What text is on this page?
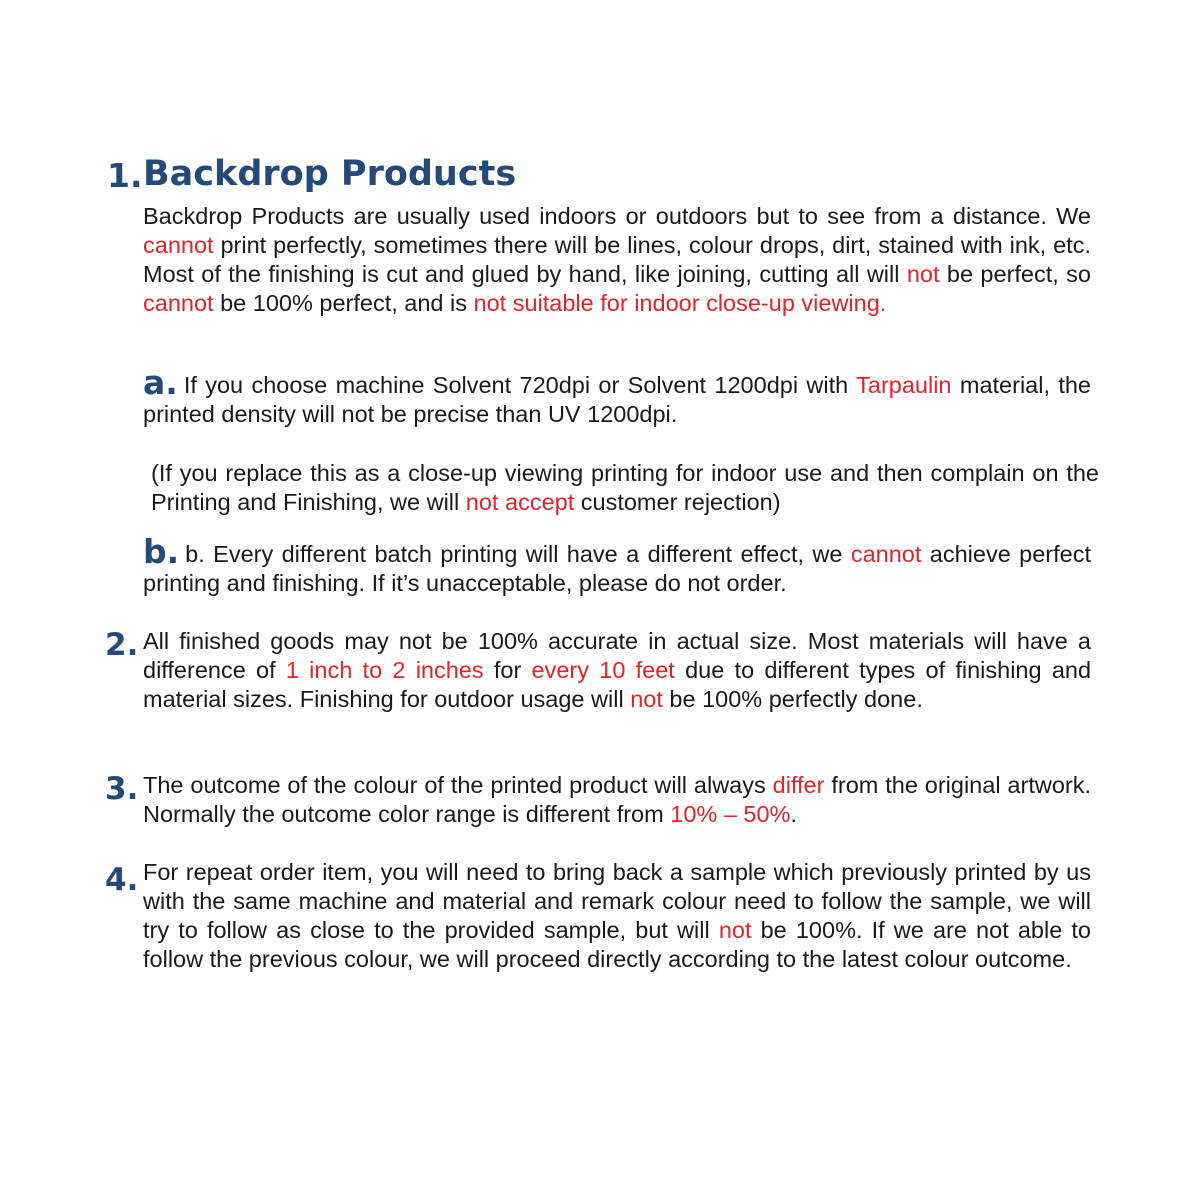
1. Backdrop Products
Backdrop Products are usually used indoors or outdoors but to see from a distance. We cannot print perfectly, sometimes there will be lines, colour drops, dirt, stained with ink, etc. Most of the finishing is cut and glued by hand, like joining, cutting all will not be perfect, so cannot be 100% perfect, and is not suitable for indoor close-up viewing.
a. If you choose machine Solvent 720dpi or Solvent 1200dpi with Tarpaulin material, the printed density will not be precise than UV 1200dpi.
(If you replace this as a close-up viewing printing for indoor use and then complain on the Printing and Finishing, we will not accept customer rejection)
b. b. Every different batch printing will have a different effect, we cannot achieve perfect printing and finishing. If it’s unacceptable, please do not order.
2. All finished goods may not be 100% accurate in actual size. Most materials will have a difference of 1 inch to 2 inches for every 10 feet due to different types of finishing and material sizes. Finishing for outdoor usage will not be 100% perfectly done.
3. The outcome of the colour of the printed product will always differ from the original artwork. Normally the outcome color range is different from 10% – 50%.
4. For repeat order item, you will need to bring back a sample which previously printed by us with the same machine and material and remark colour need to follow the sample, we will try to follow as close to the provided sample, but will not be 100%. If we are not able to follow the previous colour, we will proceed directly according to the latest colour outcome.
